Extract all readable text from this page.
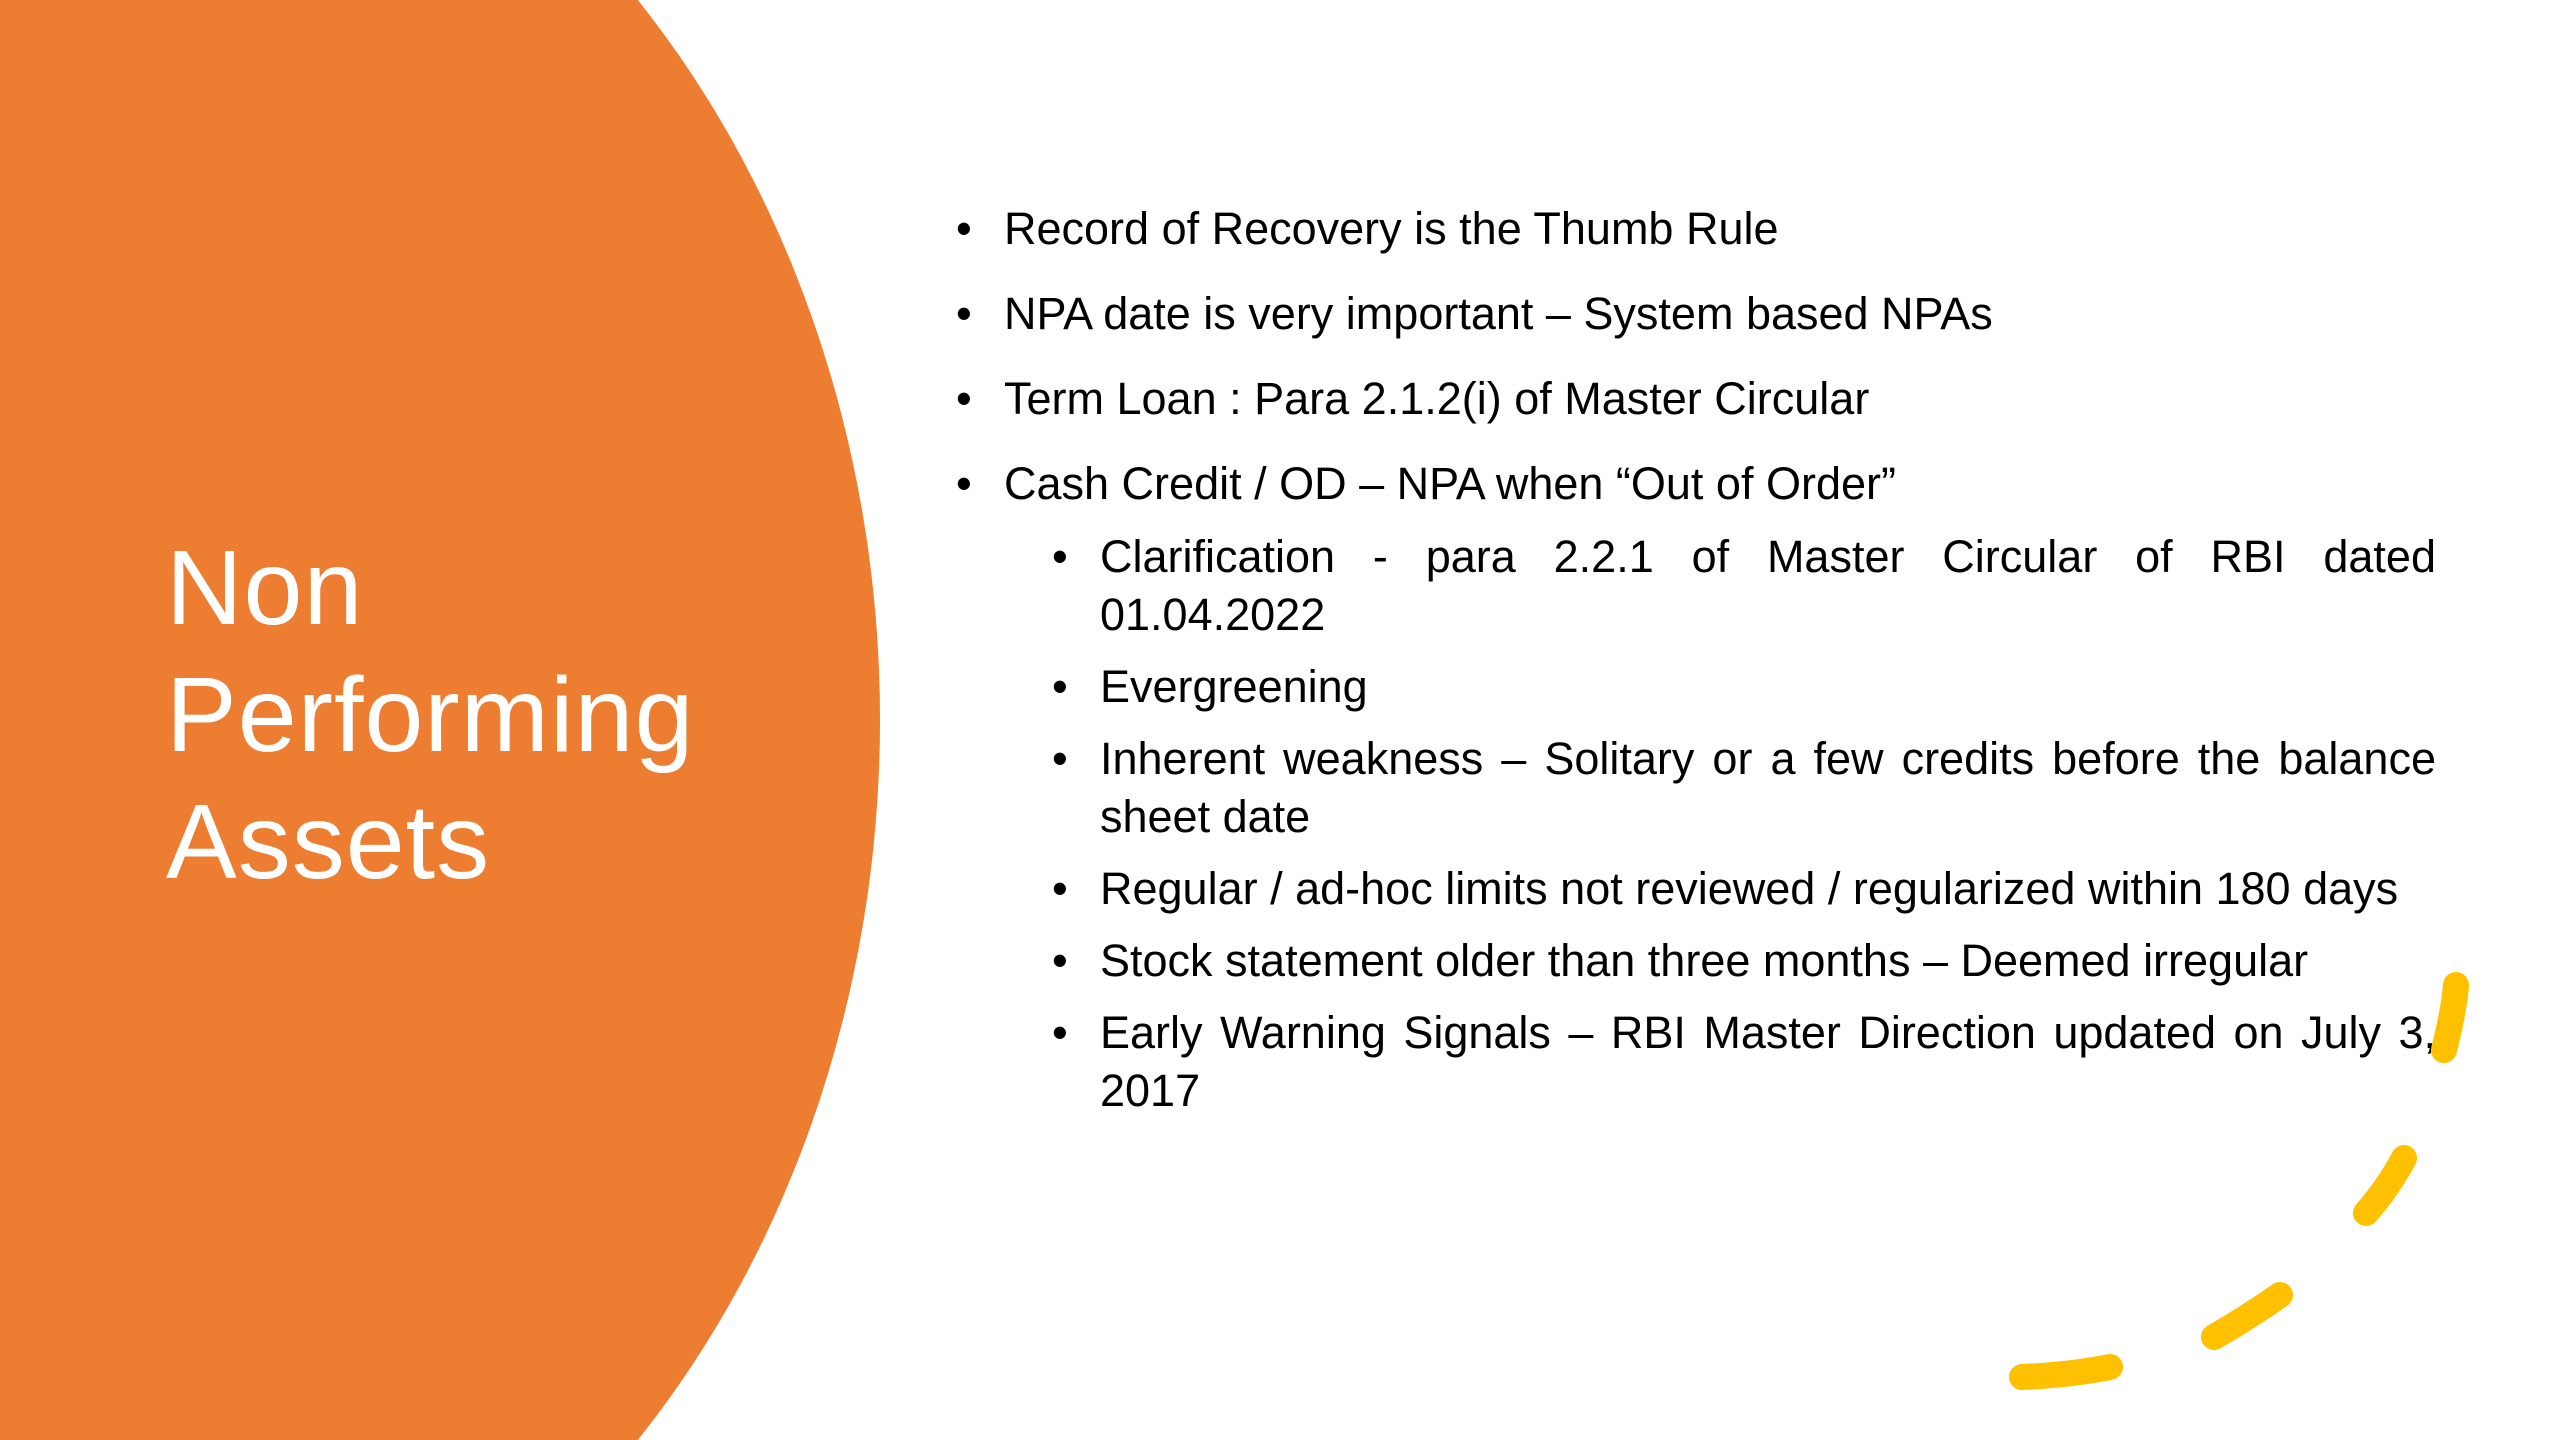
Non
Performing
Assets
• Record of Recovery is the Thumb Rule
• NPA date is very important – System based NPAs
• Term Loan : Para 2.1.2(i) of Master Circular
• Cash Credit / OD – NPA when “Out of Order”
• Clarification - para 2.2.1 of Master Circular of RBI dated 01.04.2022
• Evergreening
• Inherent weakness – Solitary or a few credits before the balance sheet date
• Regular / ad-hoc limits not reviewed / regularized within 180 days
• Stock statement older than three months – Deemed irregular
• Early Warning Signals – RBI Master Direction updated on July 3, 2017
